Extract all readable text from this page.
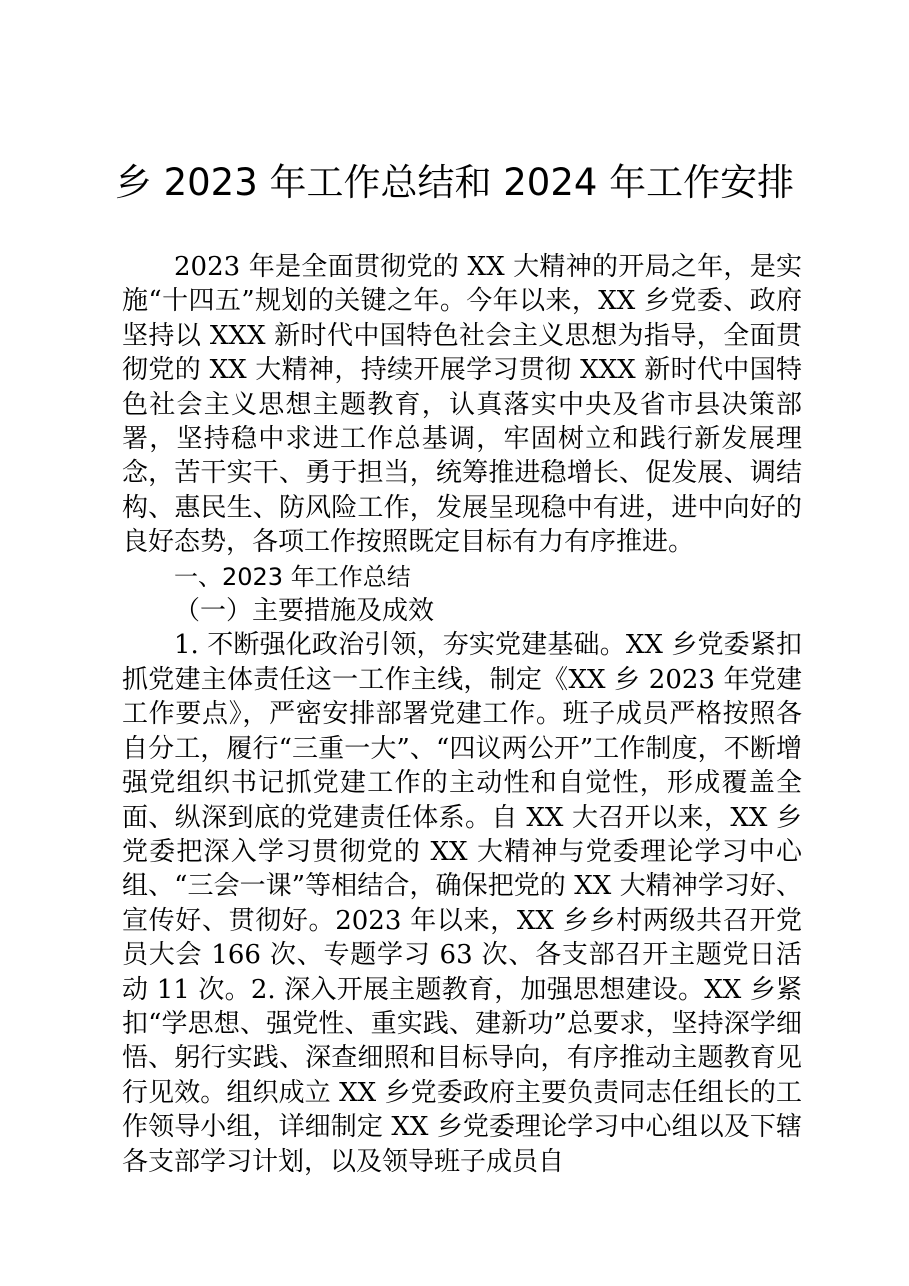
乡 2023 年工作总结和 2024 年工作安排

2023 年是全面贯彻党的 XX 大精神的开局之年，是实施“十四五”规划的关键之年。今年以来，XX 乡党委、政府坚持以 XXX 新时代中国特色社会主义思想为指导，全面贯彻党的 XX 大精神，持续开展学习贯彻 XXX 新时代中国特色社会主义思想主题教育，认真落实中央及省市县决策部署，坚持稳中求进工作总基调，牢固树立和践行新发展理念，苦干实干、勇于担当，统筹推进稳增长、促发展、调结构、惠民生、防风险工作，发展呈现稳中有进，进中向好的良好态势，各项工作按照既定目标有力有序推进。

一、2023 年工作总结

（一）主要措施及成效

1. 不断强化政治引领，夯实党建基础。XX 乡党委紧扣抓党建主体责任这一工作主线，制定《XX 乡 2023 年党建工作要点》，严密安排部署党建工作。班子成员严格按照各自分工，履行“三重一大”、“四议两公开”工作制度，不断增强党组织书记抓党建工作的主动性和自觉性，形成覆盖全面、纵深到底的党建责任体系。自 XX 大召开以来，XX 乡党委把深入学习贯彻党的 XX 大精神与党委理论学习中心组、“三会一课”等相结合，确保把党的 XX 大精神学习好、宣传好、贯彻好。2023 年以来，XX 乡乡村两级共召开党员大会 166 次、专题学习 63 次、各支部召开主题党日活动 11 次。2. 深入开展主题教育，加强思想建设。XX 乡紧扣“学思想、强党性、重实践、建新功”总要求，坚持深学细悟、躬行实践、深查细照和目标导向，有序推动主题教育见行见效。组织成立 XX 乡党委政府主要负责同志任组长的工作领导小组，详细制定 XX 乡党委理论学习中心组以及下辖各支部学习计划，以及领导班子成员自
